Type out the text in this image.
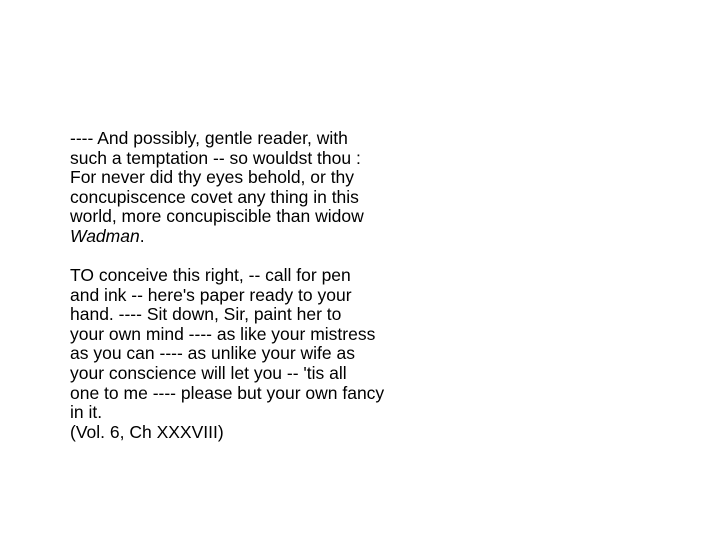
---- And possibly, gentle reader, with
such a temptation -- so wouldst thou :
For never did thy eyes behold, or thy
concupiscence covet any thing in this
world, more concupiscible than widow
Wadman.

TO conceive this right, -- call for pen
and ink -- here's paper ready to your
hand. ---- Sit down, Sir, paint her to
your own mind ---- as like your mistress
as you can ---- as unlike your wife as
your conscience will let you -- 'tis all
one to me ---- please but your own fancy
in it.
(Vol. 6, Ch XXXVIII)
